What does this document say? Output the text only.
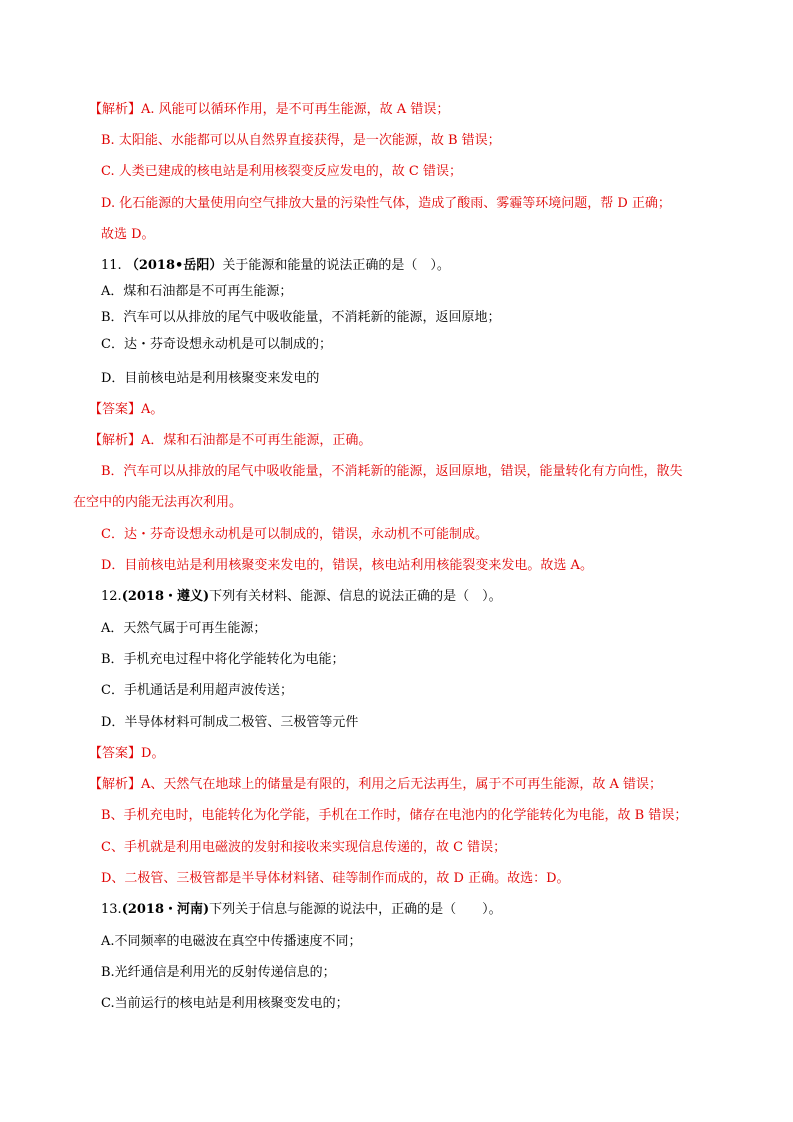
【解析】A. 风能可以循环作用，是不可再生能源，故 A 错误；
B. 太阳能、水能都可以从自然界直接获得，是一次能源，故 B 错误；
C. 人类已建成的核电站是利用核裂变反应发电的，故 C 错误；
D. 化石能源的大量使用向空气排放大量的污染性气体，造成了酸雨、雾霾等环境问题，帮 D 正确；
故选 D。
11. （2018•岳阳）关于能源和能量的说法正确的是（　）。
A．煤和石油都是不可再生能源；
B．汽车可以从排放的尾气中吸收能量，不消耗新的能源，返回原地；
C．达・芬奇设想永动机是可以制成的；
D．目前核电站是利用核聚变来发电的
【答案】A。
【解析】A．煤和石油都是不可再生能源，正确。
B．汽车可以从排放的尾气中吸收能量，不消耗新的能源，返回原地，错误，能量转化有方向性，散失
在空中的内能无法再次利用。
C．达・芬奇设想永动机是可以制成的，错误，永动机不可能制成。
D．目前核电站是利用核聚变来发电的，错误，核电站利用核能裂变来发电。故选 A。
12.(2018・遵义)下列有关材料、能源、信息的说法正确的是（　）。
A．天然气属于可再生能源；
B．手机充电过程中将化学能转化为电能；
C．手机通话是利用超声波传送；
D．半导体材料可制成二极管、三极管等元件
【答案】D。
【解析】A、天然气在地球上的储量是有限的，利用之后无法再生，属于不可再生能源，故 A 错误；
B、手机充电时，电能转化为化学能，手机在工作时，储存在电池内的化学能转化为电能，故 B 错误；
C、手机就是利用电磁波的发射和接收来实现信息传递的，故 C 错误；
D、二极管、三极管都是半导体材料锗、硅等制作而成的，故 D 正确。故选：D。
13.(2018・河南)下列关于信息与能源的说法中，正确的是（　　）。
A.不同频率的电磁波在真空中传播速度不同；
B.光纤通信是利用光的反射传递信息的；
C.当前运行的核电站是利用核聚变发电的；
